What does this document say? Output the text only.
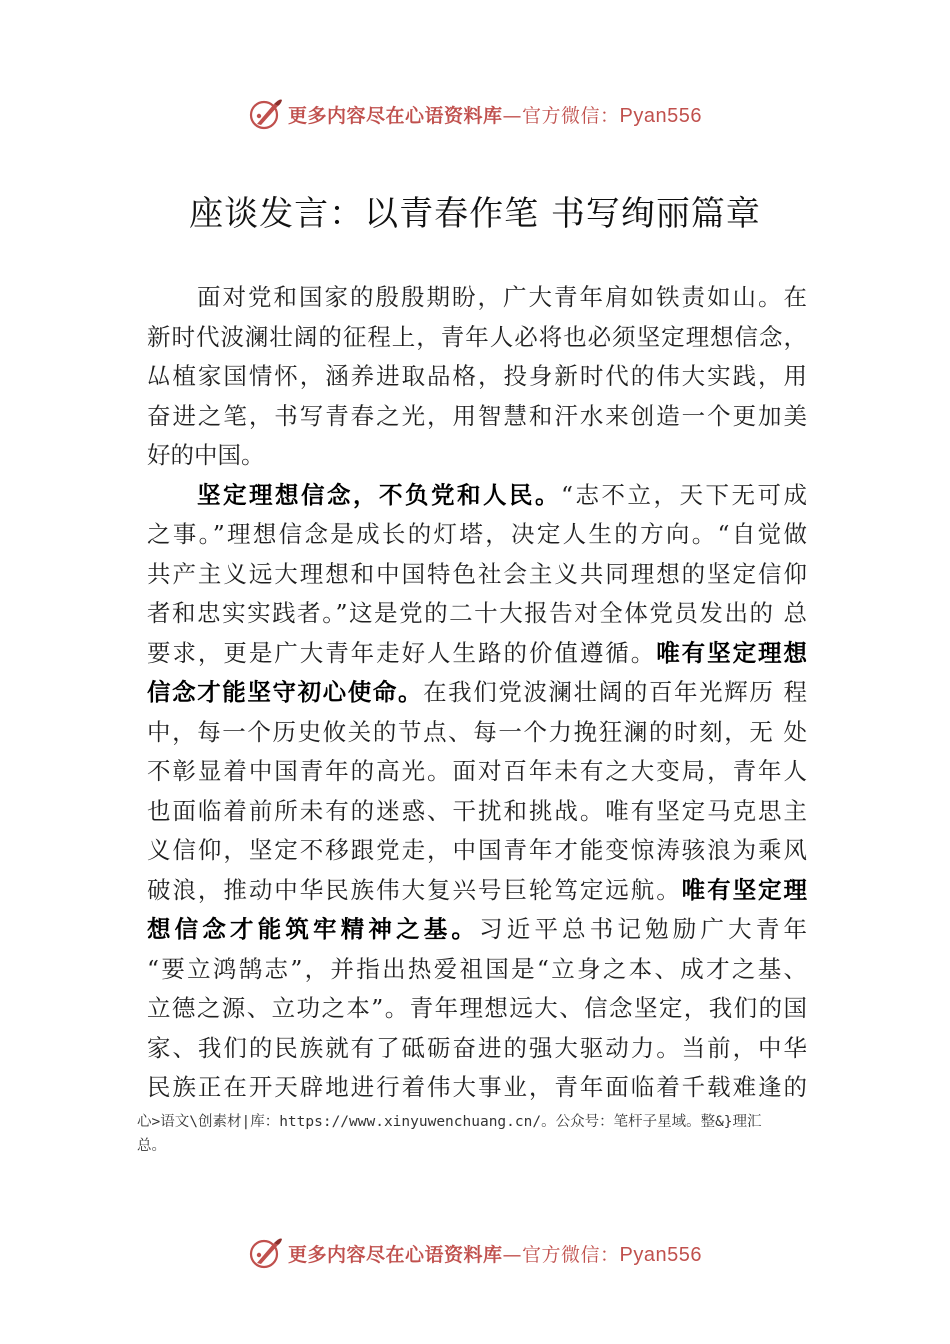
更多内容尽在心语资料库—官方微信：Pyan556
座谈发言：以青春作笔 书写绚丽篇章
面对党和国家的殷殷期盼，广大青年肩如铁责如山。在
新时代波澜壮阔的征程上，青年人必将也必须坚定理想信念，
厸植家国情怀，涵养进取品格，投身新时代的伟大实践，用
奋进之笔，书写青春之光，用智慧和汗水来创造一个更加美
好的中国。
坚定理想信念，不负党和人民。“志不立，天下无可成
之事。”理想信念是成长的灯塔，决定人生的方向。“自觉做
共产主义远大理想和中国特色社会主义共同理想的坚定信仰
者和忠实实践者。”这是党的二十大报告对全体党员发出的 总
要求，更是广大青年走好人生路的价值遵循。唯有坚定理想
信念才能坚守初心使命。在我们党波澜壮阔的百年光辉历 程
中，每一个历史攸关的节点、每一个力挽狂澜的时刻，无 处
不彰显着中国青年的高光。面对百年未有之大变局，青年人
也面临着前所未有的迷惑、干扰和挑战。唯有坚定马克思主
义信仰，坚定不移跟党走，中国青年才能变惊涛骇浪为乘风
破浪，推动中华民族伟大复兴号巨轮笃定远航。唯有坚定理
想信念才能筑牢精神之基。习近平总书记勉励广大青年
“要立鸿鹄志”，并指出热爱祖国是“立身之本、成才之基、
立德之源、立功之本”。青年理想远大、信念坚定，我们的国
家、我们的民族就有了砥砺奋进的强大驱动力。当前，中华
民族正在开天辟地进行着伟大事业，青年面临着千载难逢的
心>语文\创素材|库：https://www.xinyuwenchuang.cn/。公众号：笔杆子星域。整&}理汇
总。
更多内容尽在心语资料库—官方微信：Pyan556
